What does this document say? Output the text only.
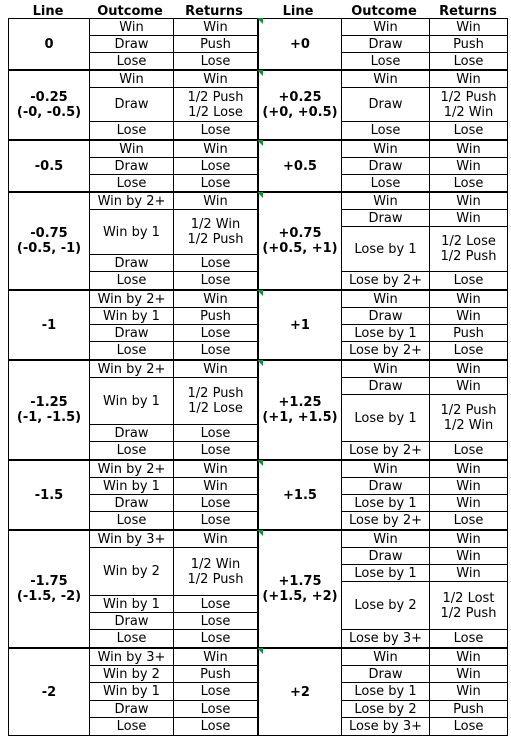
Line	Outcome	Returns	Line	Outcome	Returns
0
Win	Win
Draw	Push
Lose	Lose
+0
Win	Win
Draw	Push
Lose	Lose
-0.25
(-0, -0.5)
Win	Win
Draw	1/2 Push
1/2 Lose
Lose	Lose
+0.25
(+0, +0.5)
Win	Win
Draw	1/2 Push
1/2 Win
Lose	Lose
-0.5
Win	Win
Draw	Lose
Lose	Lose
+0.5
Win	Win
Draw	Win
Lose	Lose
-0.75
(-0.5, -1)
Win by 2+	Win
Win by 1	1/2 Win
1/2 Push
Draw	Lose
Lose	Lose
+0.75
(+0.5, +1)
Win	Win
Draw	Win
Lose by 1	1/2 Lose
1/2 Push
Lose by 2+	Lose
-1
Win by 2+	Win
Win by 1	Push
Draw	Lose
Lose	Lose
+1
Win	Win
Draw	Win
Lose by 1	Push
Lose by 2+	Lose
-1.25
(-1, -1.5)
Win by 2+	Win
Win by 1	1/2 Push
1/2 Lose
Draw	Lose
Lose	Lose
+1.25
(+1, +1.5)
Win	Win
Draw	Win
Lose by 1	1/2 Push
1/2 Win
Lose by 2+	Lose
-1.5
Win by 2+	Win
Win by 1	Win
Draw	Lose
Lose	Lose
+1.5
Win	Win
Draw	Win
Lose by 1	Win
Lose by 2+	Lose
-1.75
(-1.5, -2)
Win by 3+	Win
Win by 2	1/2 Win
1/2 Push
Win by 1	Lose
Draw	Lose
Lose	Lose
+1.75
(+1.5, +2)
Win	Win
Draw	Win
Lose by 1	Win
Lose by 2	1/2 Lost
1/2 Push
Lose by 3+	Lose
-2
Win by 3+	Win
Win by 2	Push
Win by 1	Lose
Draw	Lose
Lose	Lose
+2
Win	Win
Draw	Win
Lose by 1	Win
Lose by 2	Push
Lose by 3+	Lose
